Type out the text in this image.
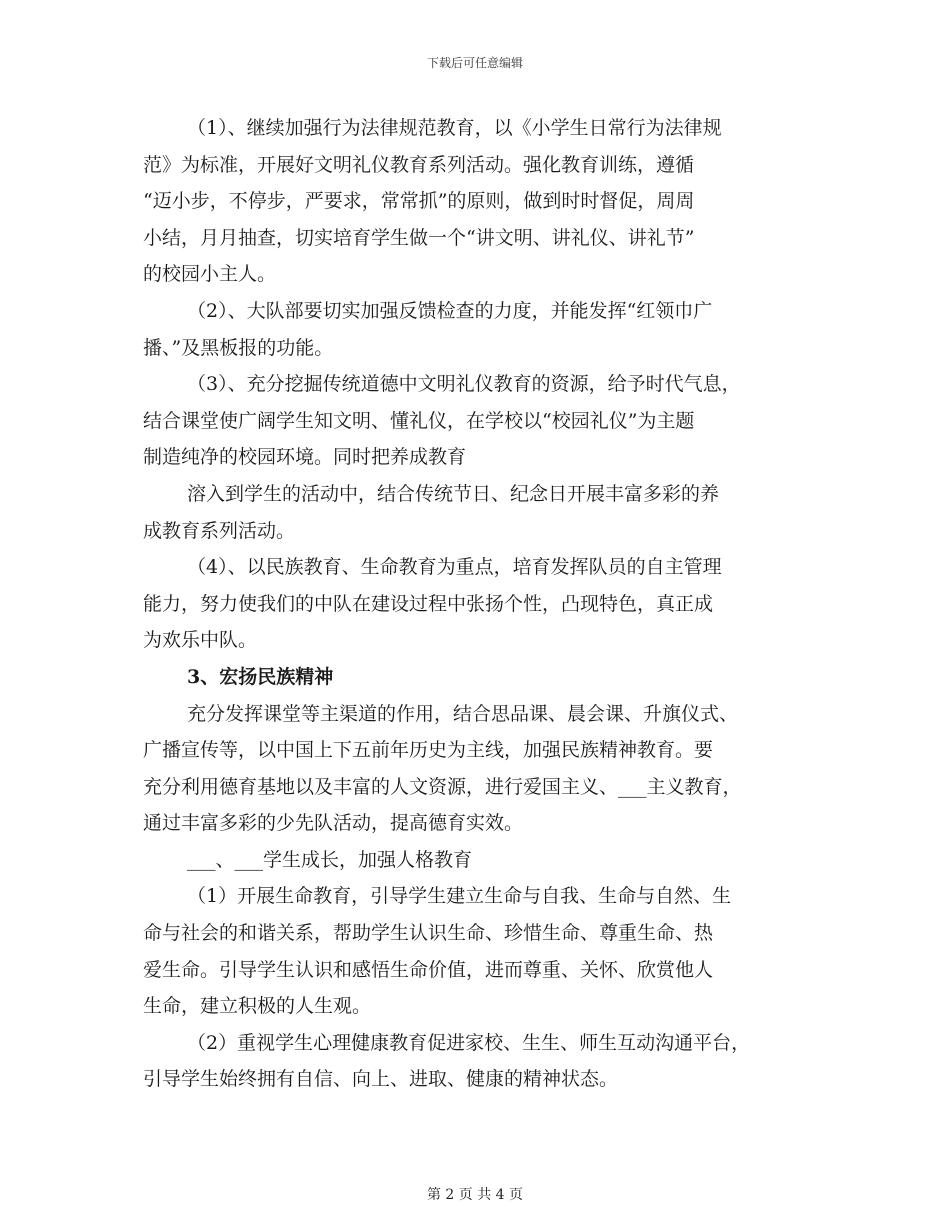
下载后可任意编辑
（1）、继续加强行为法律规范教育，以《小学生日常行为法律规
范》为标准，开展好文明礼仪教育系列活动。强化教育训练，遵循
“迈小步，不停步，严要求，常常抓”的原则，做到时时督促，周周
小结，月月抽查，切实培育学生做一个“讲文明、讲礼仪、讲礼节”
的校园小主人。
（2）、大队部要切实加强反馈检查的力度，并能发挥“红领巾广
播、”及黑板报的功能。
（3）、充分挖掘传统道德中文明礼仪教育的资源，给予时代气息，
结合课堂使广阔学生知文明、懂礼仪，在学校以“校园礼仪”为主题
制造纯净的校园环境。同时把养成教育
溶入到学生的活动中，结合传统节日、纪念日开展丰富多彩的养
成教育系列活动。
（4）、以民族教育、生命教育为重点，培育发挥队员的自主管理
能力，努力使我们的中队在建设过程中张扬个性，凸现特色，真正成
为欢乐中队。
3、宏扬民族精神
充分发挥课堂等主渠道的作用，结合思品课、晨会课、升旗仪式、
广播宣传等，以中国上下五前年历史为主线，加强民族精神教育。要
充分利用德育基地以及丰富的人文资源，进行爱国主义、___主义教育，
通过丰富多彩的少先队活动，提高德育实效。
___、___学生成长，加强人格教育
（1）开展生命教育，引导学生建立生命与自我、生命与自然、生
命与社会的和谐关系，帮助学生认识生命、珍惜生命、尊重生命、热
爱生命。引导学生认识和感悟生命价值，进而尊重、关怀、欣赏他人
生命，建立积极的人生观。
（2）重视学生心理健康教育促进家校、生生、师生互动沟通平台，
引导学生始终拥有自信、向上、进取、健康的精神状态。
第 2 页 共 4 页
